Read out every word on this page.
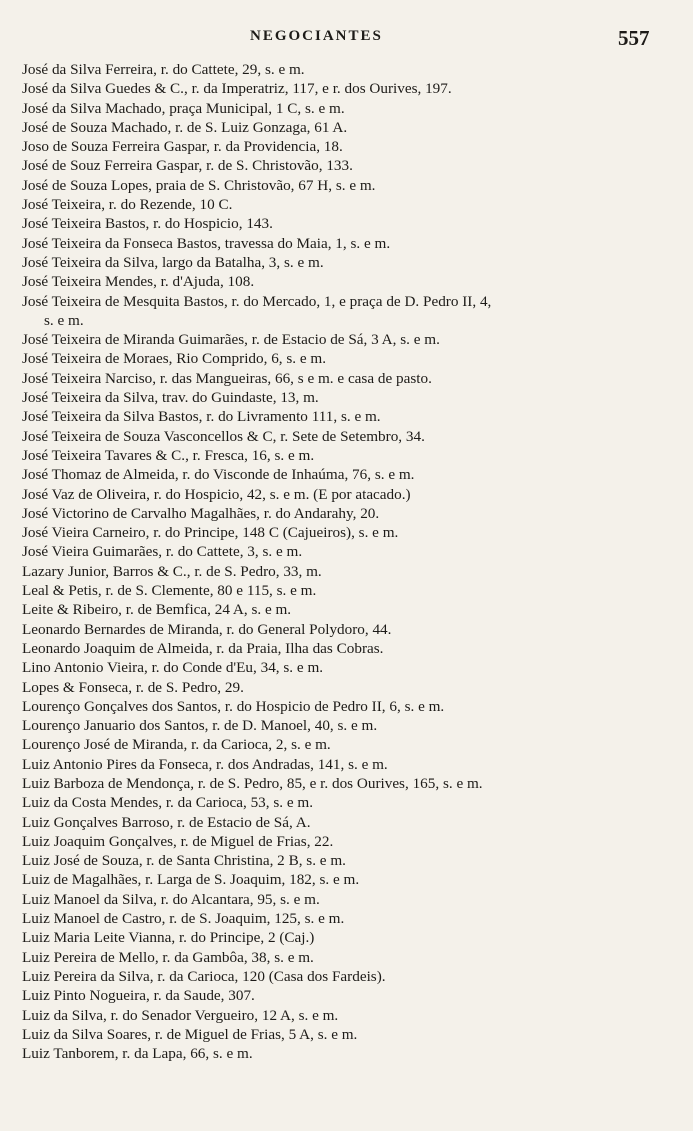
NEGOCIANTES	557
José da Silva Ferreira, r. do Cattete, 29, s. e m.
José da Silva Guedes & C., r. da Imperatriz, 117, e r. dos Ourives, 197.
José da Silva Machado, praça Municipal, 1 C, s. e m.
José de Souza Machado, r. de S. Luiz Gonzaga, 61 A.
Joso de Souza Ferreira Gaspar, r. da Providencia, 18.
José de Souz Ferreira Gaspar, r. de S. Christovão, 133.
José de Souza Lopes, praia de S. Christovão, 67 H, s. e m.
José Teixeira, r. do Rezende, 10 C.
José Teixeira Bastos, r. do Hospicio, 143.
José Teixeira da Fonseca Bastos, travessa do Maia, 1, s. e m.
José Teixeira da Silva, largo da Batalha, 3, s. e m.
José Teixeira Mendes, r. d'Ajuda, 108.
José Teixeira de Mesquita Bastos, r. do Mercado, 1, e praça de D. Pedro II, 4,
s. e m.
José Teixeira de Miranda Guimarães, r. de Estacio de Sá, 3 A, s. e m.
José Teixeira de Moraes, Rio Comprido, 6, s. e m.
José Teixeira Narciso, r. das Mangueiras, 66, s e m. e casa de pasto.
José Teixeira da Silva, trav. do Guindaste, 13, m.
José Teixeira da Silva Bastos, r. do Livramento 111, s. e m.
José Teixeira de Souza Vasconcellos & C, r. Sete de Setembro, 34.
José Teixeira Tavares & C., r. Fresca, 16, s. e m.
José Thomaz de Almeida, r. do Visconde de Inhaúma, 76, s. e m.
José Vaz de Oliveira, r. do Hospicio, 42, s. e m. (E por atacado.)
José Victorino de Carvalho Magalhães, r. do Andarahy, 20.
José Vieira Carneiro, r. do Principe, 148 C (Cajueiros), s. e m.
José Vieira Guimarães, r. do Cattete, 3, s. e m.
Lazary Junior, Barros & C., r. de S. Pedro, 33, m.
Leal & Petis, r. de S. Clemente, 80 e 115, s. e m.
Leite & Ribeiro, r. de Bemfica, 24 A, s. e m.
Leonardo Bernardes de Miranda, r. do General Polydoro, 44.
Leonardo Joaquim de Almeida, r. da Praia, Ilha das Cobras.
Lino Antonio Vieira, r. do Conde d'Eu, 34, s. e m.
Lopes & Fonseca, r. de S. Pedro, 29.
Lourenço Gonçalves dos Santos, r. do Hospicio de Pedro II, 6, s. e m.
Lourenço Januario dos Santos, r. de D. Manoel, 40, s. e m.
Lourenço José de Miranda, r. da Carioca, 2, s. e m.
Luiz Antonio Pires da Fonseca, r. dos Andradas, 141, s. e m.
Luiz Barboza de Mendonça, r. de S. Pedro, 85, e r. dos Ourives, 165, s. e m.
Luiz da Costa Mendes, r. da Carioca, 53, s. e m.
Luiz Gonçalves Barroso, r. de Estacio de Sá, A.
Luiz Joaquim Gonçalves, r. de Miguel de Frias, 22.
Luiz José de Souza, r. de Santa Christina, 2 B, s. e m.
Luiz de Magalhães, r. Larga de S. Joaquim, 182, s. e m.
Luiz Manoel da Silva, r. do Alcantara, 95, s. e m.
Luiz Manoel de Castro, r. de S. Joaquim, 125, s. e m.
Luiz Maria Leite Vianna, r. do Principe, 2 (Caj.)
Luiz Pereira de Mello, r. da Gambôa, 38, s. e m.
Luiz Pereira da Silva, r. da Carioca, 120 (Casa dos Fardeis).
Luiz Pinto Nogueira, r. da Saude, 307.
Luiz da Silva, r. do Senador Vergueiro, 12 A, s. e m.
Luiz da Silva Soares, r. de Miguel de Frias, 5 A, s. e m.
Luiz Tanborem, r. da Lapa, 66, s. e m.
